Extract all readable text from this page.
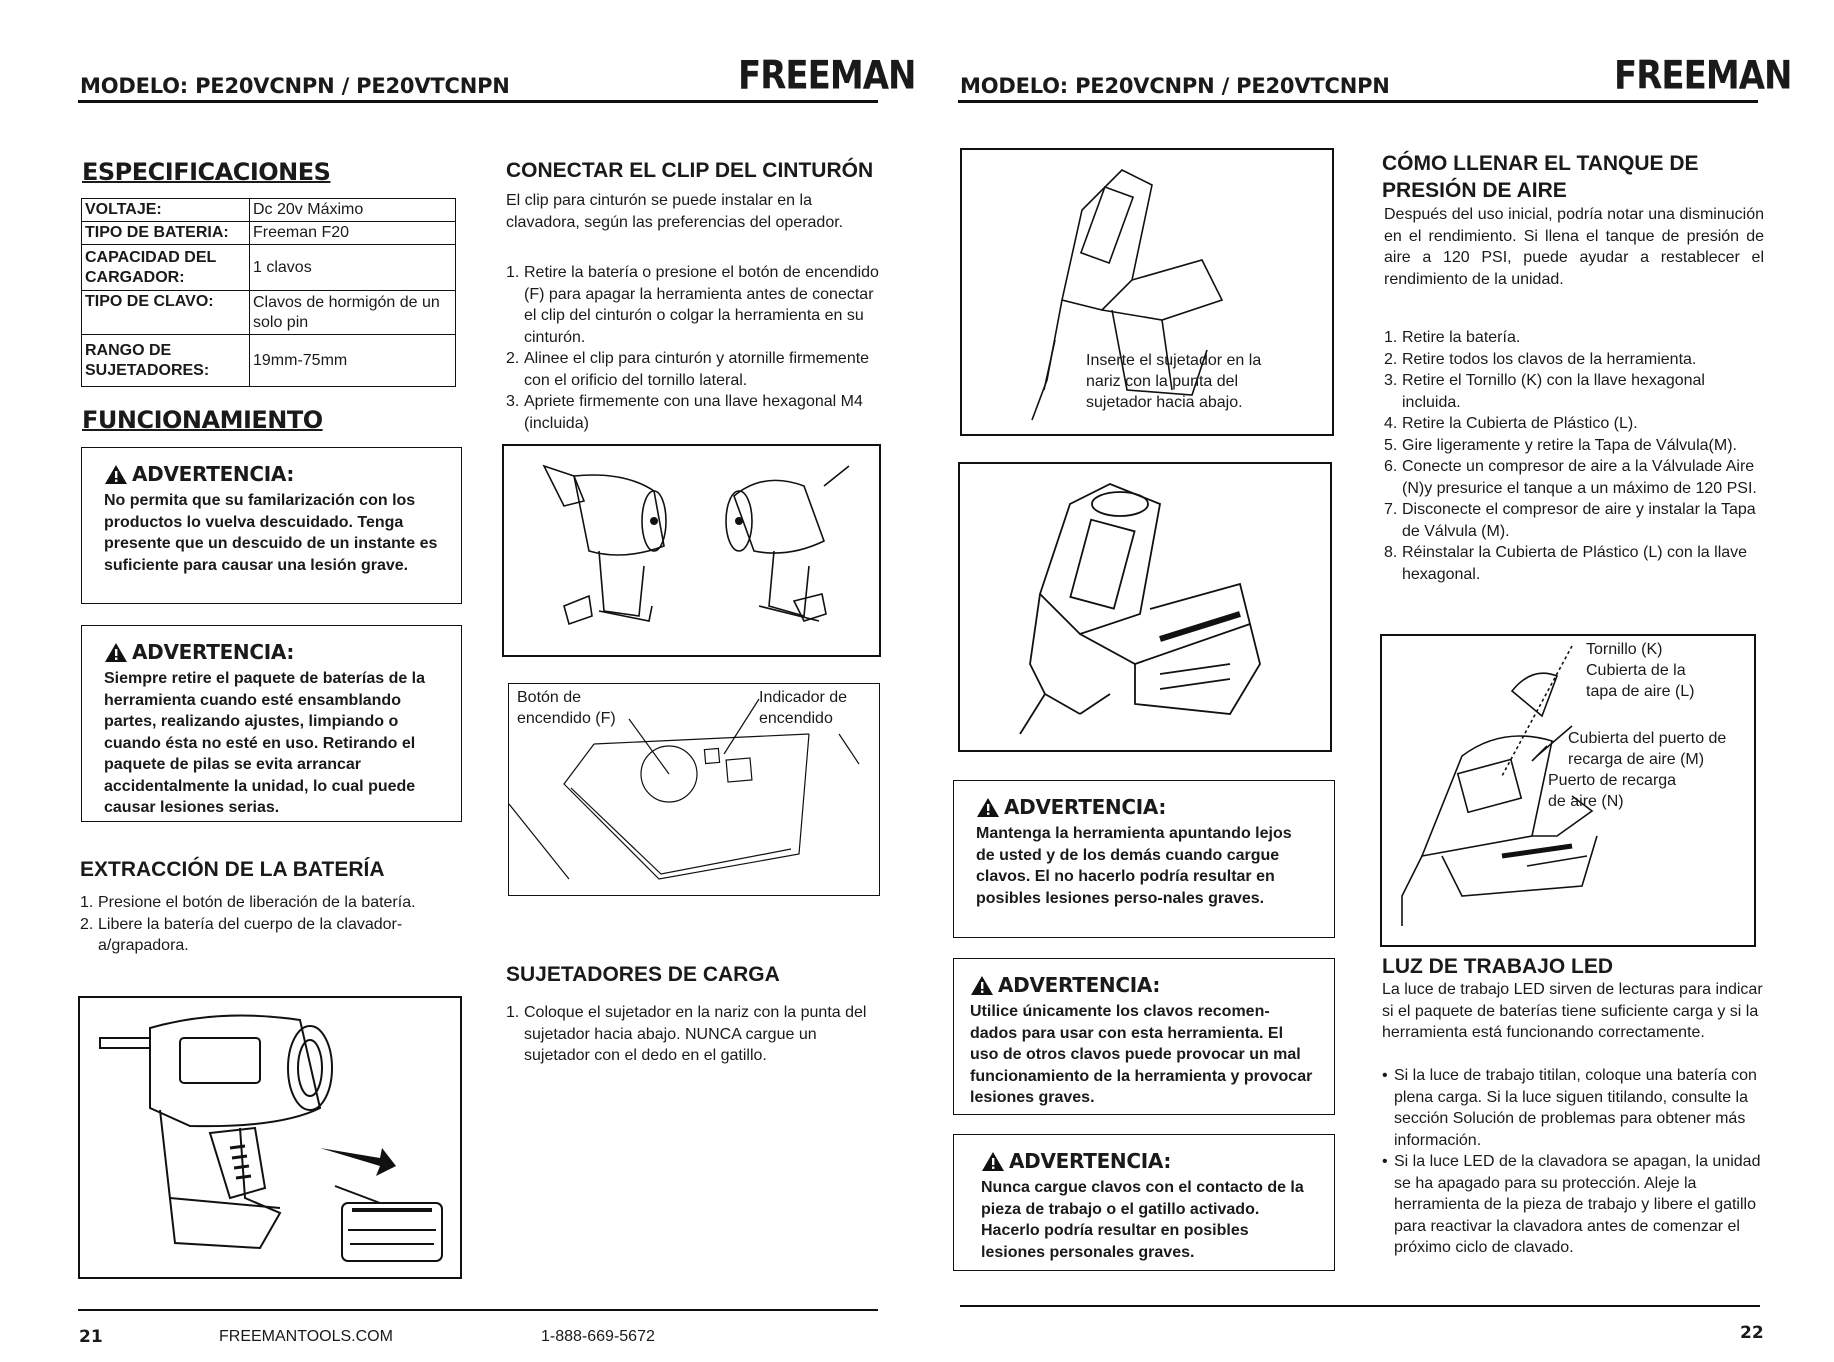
MODELO: PE20VCNPN / PE20VTCNPN	FREEMAN MODELO: PE20VCNPN / PE20VTCNPN	FREEMAN
ESPECIFICACIONES
VOLTAJE:	Dc 20v Máximo
TIPO DE BATERIA:	Freeman F20
CAPACIDAD DEL CARGADOR:	1 clavos
TIPO DE CLAVO:	Clavos de hormigón de un solo pin
RANGO DE SUJETADORES:	19mm-75mm
FUNCIONAMIENTO
ADVERTENCIA:
No permita que su familarización con los productos lo vuelva descuidado. Tenga presente que un descuido de un instante es suficiente para causar una lesión grave.
ADVERTENCIA:
Siempre retire el paquete de baterías de la herramienta cuando esté ensamblando partes, realizando ajustes, limpiando o cuando ésta no esté en uso. Retirando el paquete de pilas se evita arrancar accidentalmente la unidad, lo cual puede causar lesiones serias.
EXTRACCIÓN DE LA BATERÍA
1. Presione el botón de liberación de la batería.
2. Libere la batería del cuerpo de la clavador-a/grapadora.
CONECTAR EL CLIP DEL CINTURÓN
El clip para cinturón se puede instalar en la clavadora, según las preferencias del operador.
1. Retire la batería o presione el botón de encendido (F) para apagar la herramienta antes de conectar el clip del cinturón o colgar la herramienta en su cinturón.
2. Alinee el clip para cinturón y atornille firmemente con el orificio del tornillo lateral.
3. Apriete firmemente con una llave hexagonal M4 (incluida)
Botón de encendido (F)
Indicador de encendido
SUJETADORES DE CARGA
1. Coloque el sujetador en la nariz con la punta del sujetador hacia abajo. NUNCA cargue un sujetador con el dedo en el gatillo.
21	FREEMANTOOLS.COM	1-888-669-5672
Inserte el sujetador en la nariz con la punta del sujetador hacia abajo.
ADVERTENCIA:
Mantenga la herramienta apuntando lejos de usted y de los demás cuando cargue clavos. El no hacerlo podría resultar en posibles lesiones perso-nales graves.
ADVERTENCIA:
Utilice únicamente los clavos recomen-dados para usar con esta herramienta. El uso de otros clavos puede provocar un mal funcionamiento de la herramienta y provocar lesiones graves.
ADVERTENCIA:
Nunca cargue clavos con el contacto de la pieza de trabajo o el gatillo activado. Hacerlo podría resultar en posibles lesiones personales graves.
CÓMO LLENAR EL TANQUE DE PRESIÓN DE AIRE
Después del uso inicial, podría notar una disminución en el rendimiento. Si llena el tanque de presión de aire a 120 PSI, puede ayudar a restablecer el rendimiento de la unidad.
1. Retire la batería.
2. Retire todos los clavos de la herramienta.
3. Retire el Tornillo (K) con la llave hexagonal incluida.
4. Retire la Cubierta de Plástico (L).
5. Gire ligeramente y retire la Tapa de Válvula(M).
6. Conecte un compresor de aire a la Válvulade Aire (N)y presurice el tanque a un máximo de 120 PSI.
7. Disconecte el compresor de aire y instalar la Tapa de Válvula (M).
8. Réinstalar la Cubierta de Plástico (L) con la llave hexagonal.
Tornillo (K)
Cubierta de la tapa de aire (L)
Cubierta del puerto de recarga de aire (M)
Puerto de recarga de aire (N)
LUZ DE TRABAJO LED
La luce de trabajo LED sirven de lecturas para indicar si el paquete de baterías tiene suficiente carga y si la herramienta está funcionando correctamente.
• Si la luce de trabajo titilan, coloque una batería con plena carga. Si la luce siguen titilando, consulte la sección Solución de problemas para obtener más información.
• Si la luce LED de la clavadora se apagan, la unidad se ha apagado para su protección. Aleje la herramienta de la pieza de trabajo y libere el gatillo para reactivar la clavadora antes de comenzar el próximo ciclo de clavado.
22
